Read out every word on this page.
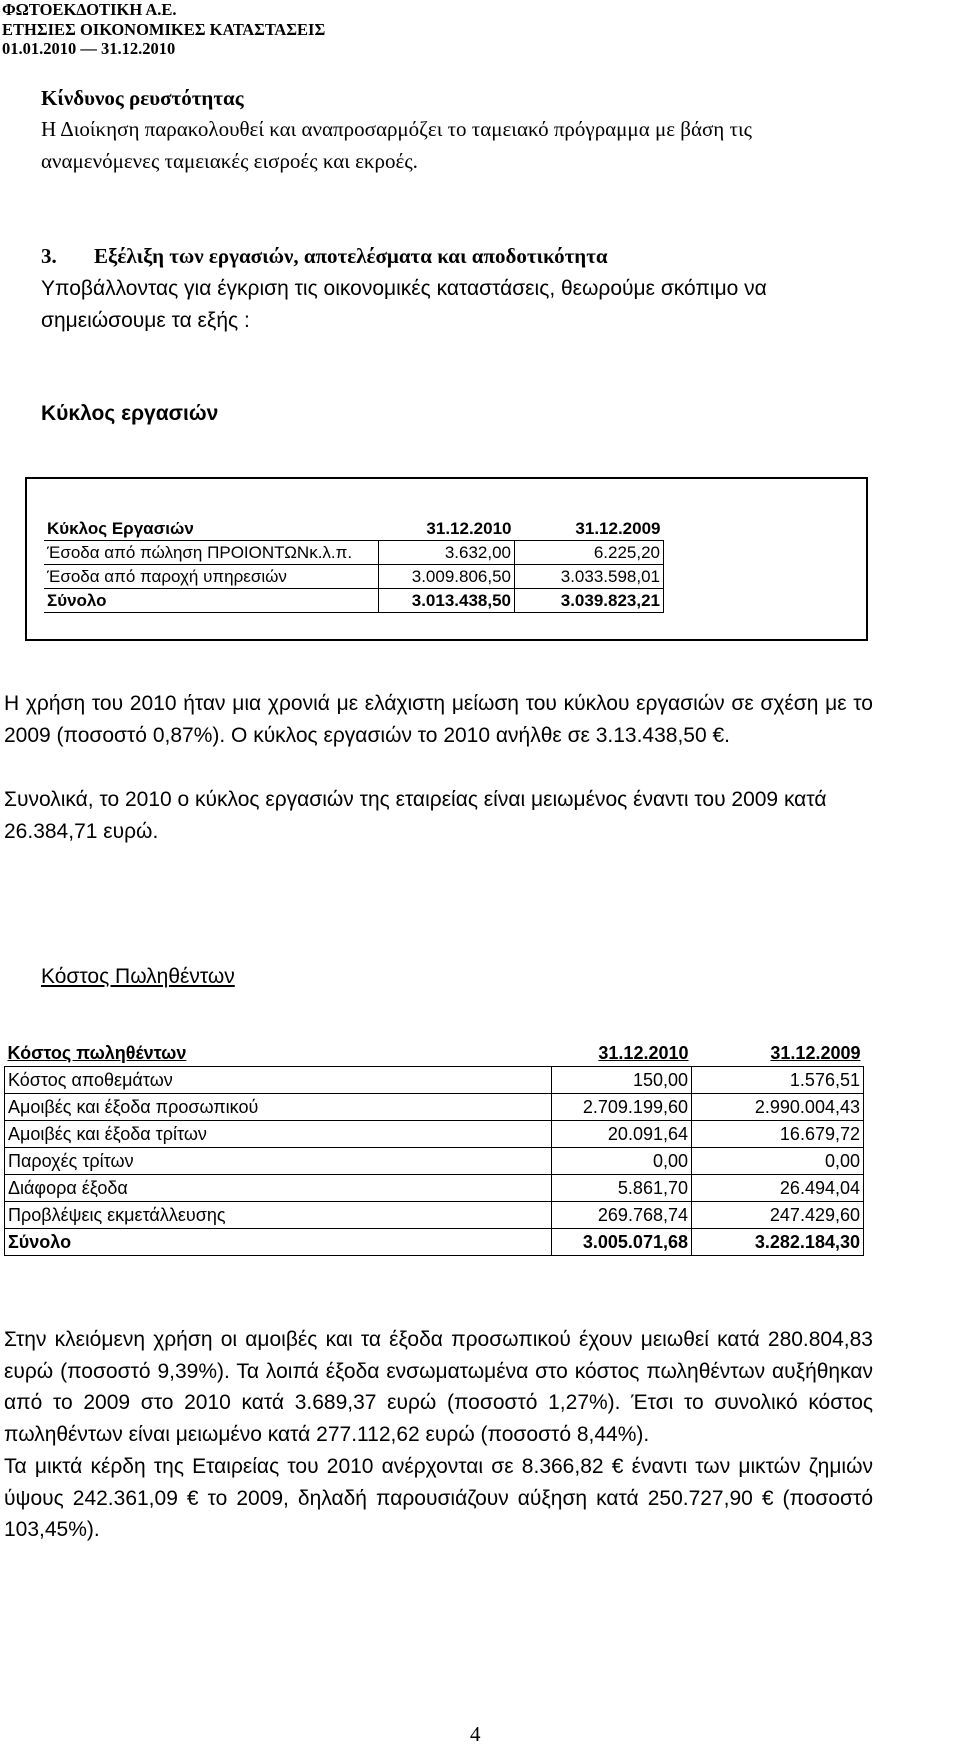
ΦΩΤΟΕΚΔΟΤΙΚΗ Α.Ε.
ΕΤΗΣΙΕΣ ΟΙΚΟΝΟΜΙΚΕΣ ΚΑΤΑΣΤΑΣΕΙΣ
01.01.2010 — 31.12.2010
Κίνδυνος ρευστότητας
Η Διοίκηση παρακολουθεί και αναπροσαρμόζει το ταμειακό πρόγραμμα με βάση τις αναμενόμενες ταμειακές εισροές και εκροές.
3. Εξέλιξη των εργασιών, αποτελέσματα και αποδοτικότητα
Υποβάλλοντας για έγκριση τις οικονομικές καταστάσεις, θεωρούμε σκόπιμο να σημειώσουμε τα εξής :
Κύκλος εργασιών
Κύκλος Εργασιών	31.12.2010	31.12.2009
Έσοδα από πώληση ΠΡΟΙΟΝΤΩΝκ.λ.π.	3.632,00	6.225,20
Έσοδα από παροχή υπηρεσιών	3.009.806,50	3.033.598,01
Σύνολο	3.013.438,50	3.039.823,21
Η χρήση του 2010 ήταν μια χρονιά με ελάχιστη μείωση του κύκλου εργασιών σε σχέση με το 2009 (ποσοστό 0,87%). Ο κύκλος εργασιών το 2010 ανήλθε σε 3.13.438,50 €.
Συνολικά, το 2010 ο κύκλος εργασιών της εταιρείας είναι μειωμένος έναντι του 2009 κατά 26.384,71 ευρώ.
Κόστος Πωληθέντων
Κόστος πωληθέντων	31.12.2010	31.12.2009
Κόστος αποθεμάτων	150,00	1.576,51
Αμοιβές και έξοδα προσωπικού	2.709.199,60	2.990.004,43
Αμοιβές και έξοδα τρίτων	20.091,64	16.679,72
Παροχές τρίτων	0,00	0,00
Διάφορα έξοδα	5.861,70	26.494,04
Προβλέψεις εκμετάλλευσης	269.768,74	247.429,60
Σύνολο	3.005.071,68	3.282.184,30
Στην κλειόμενη χρήση οι αμοιβές και τα έξοδα προσωπικού έχουν μειωθεί κατά 280.804,83 ευρώ (ποσοστό 9,39%). Τα λοιπά έξοδα ενσωματωμένα στο κόστος πωληθέντων αυξήθηκαν από το 2009 στο 2010 κατά 3.689,37 ευρώ (ποσοστό 1,27%). Έτσι το συνολικό κόστος πωληθέντων είναι μειωμένο κατά 277.112,62 ευρώ (ποσοστό 8,44%).
Τα μικτά κέρδη της Εταιρείας του 2010 ανέρχονται σε 8.366,82 € έναντι των μικτών ζημιών ύψους 242.361,09 € το 2009, δηλαδή παρουσιάζουν αύξηση κατά 250.727,90 € (ποσοστό 103,45%).
4
